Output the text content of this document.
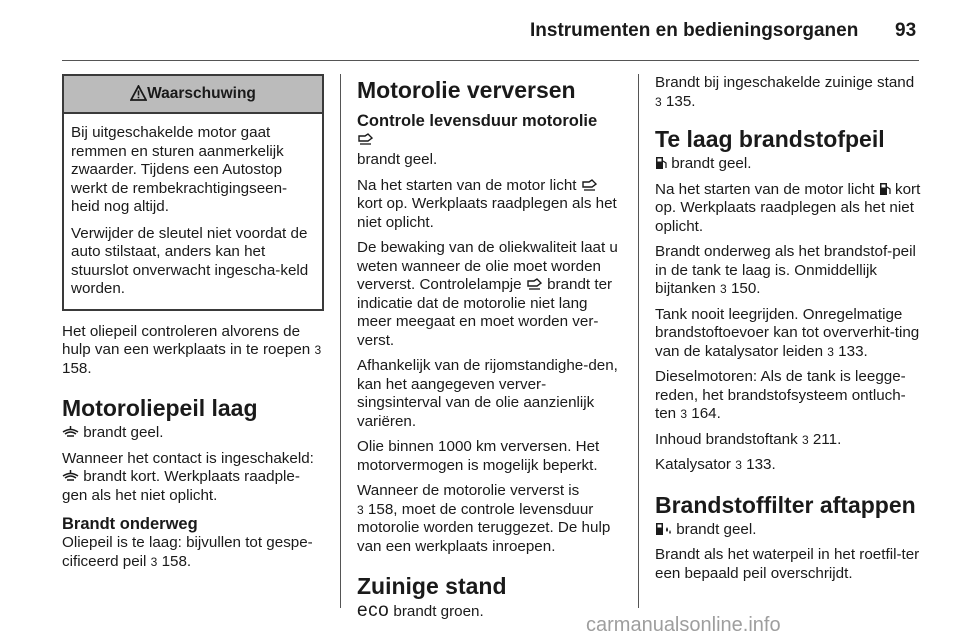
Instrumenten en bedieningsorganen 93
Waarschuwing

Bij uitgeschakelde motor gaat remmen en sturen aanmerkelijk zwaarder. Tijdens een Autostop werkt de rembekrachtigingseen-heid nog altijd.

Verwijder de sleutel niet voordat de auto stilstaat, anders kan het stuurslot onverwacht ingescha-keld worden.

Het oliepeil controleren alvorens de hulp van een werkplaats in te roepen 3 158.

Motoroliepeil laag

brandt geel.

Wanneer het contact is ingeschakeld:

brandt kort. Werkplaats raadple-gen als het niet oplicht.

Brandt onderweg

Oliepeil is te laag: bijvullen tot gespe-cificeerd peil 3 158.

Motorolie verversen
Controle levensduur motorolie

brandt geel.

Na het starten van de motor licht
kort op. Werkplaats raadplegen als het niet oplicht.

De bewaking van de oliekwaliteit laat u weten wanneer de olie moet worden ververst. Controlelampje brandt ter indicatie dat de motorolie niet lang meer meegaat en moet worden ver-verst.

Afhankelijk van de rijomstandighe-den, kan het aangegeven verver-singsinterval van de olie aanzienlijk variëren.

Olie binnen 1000 km verversen. Het motorvermogen is mogelijk beperkt.

Wanneer de motorolie ververst is
3 158, moet de controle levensduur motorolie worden teruggezet. De hulp van een werkplaats inroepen.

Zuinige stand

eco brandt groen.

Brandt bij ingeschakelde zuinige stand 3 135.

Te laag brandstofpeil

brandt geel.

Na het starten van de motor licht kort op. Werkplaats raadplegen als het niet oplicht.

Brandt onderweg als het brandstof-peil in de tank te laag is. Onmiddellijk bijtanken 3 150.

Tank nooit leegrijden. Onregelmatige brandstoftoevoer kan tot oververhit-ting van de katalysator leiden 3 133.

Dieselmotoren: Als de tank is leegge-reden, het brandstofsysteem ontluch-ten 3 164.

Inhoud brandstoftank 3 211.

Katalysator 3 133.

Brandstoffilter aftappen

brandt geel.

Brandt als het waterpeil in het roetfil-ter een bepaald peil overschrijdt.

carmanualsonline.info
